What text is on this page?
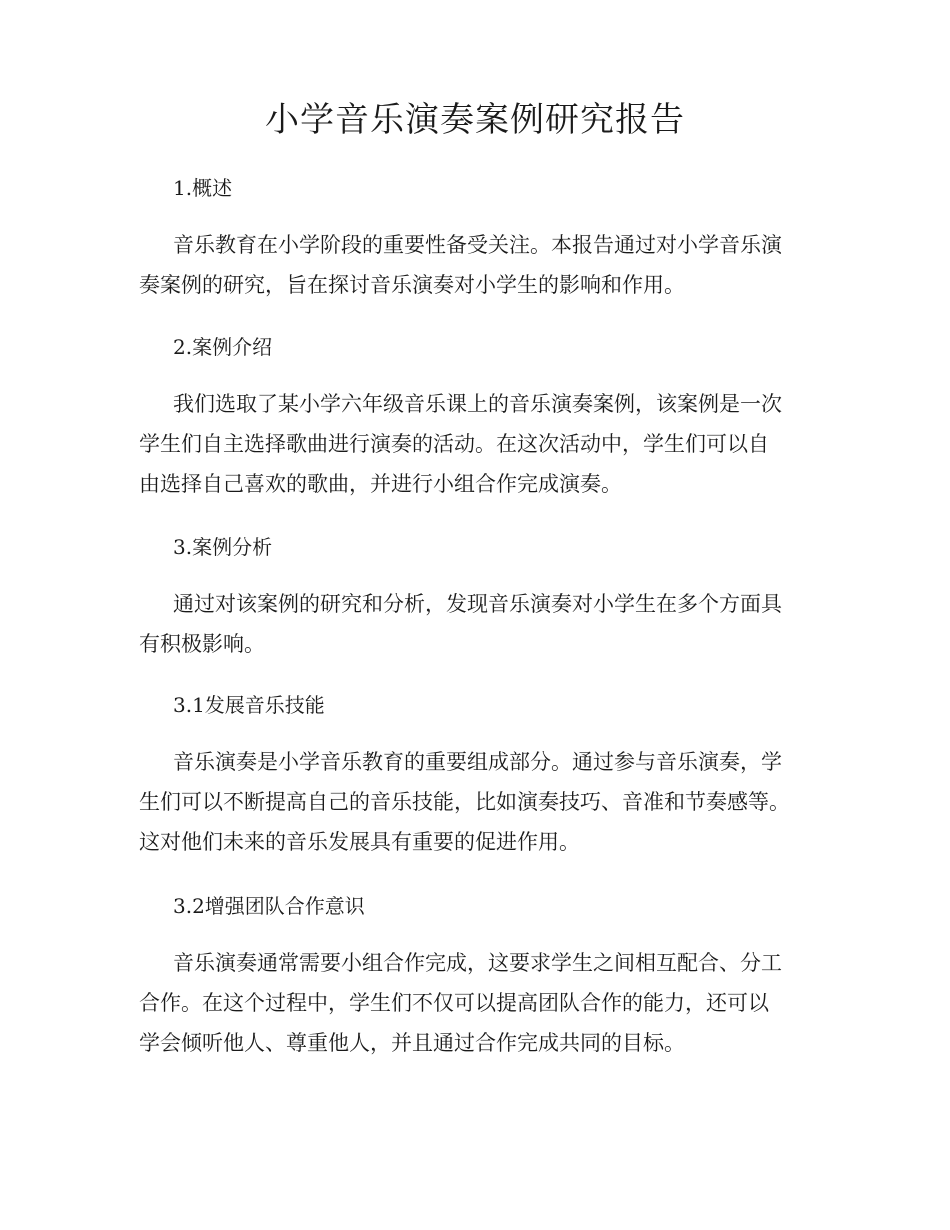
小学音乐演奏案例研究报告
1.概述

音乐教育在小学阶段的重要性备受关注。本报告通过对小学音乐演
奏案例的研究，旨在探讨音乐演奏对小学生的影响和作用。

2.案例介绍

我们选取了某小学六年级音乐课上的音乐演奏案例，该案例是一次
学生们自主选择歌曲进行演奏的活动。在这次活动中，学生们可以自
由选择自己喜欢的歌曲，并进行小组合作完成演奏。

3.案例分析

通过对该案例的研究和分析，发现音乐演奏对小学生在多个方面具
有积极影响。

3.1发展音乐技能

音乐演奏是小学音乐教育的重要组成部分。通过参与音乐演奏，学
生们可以不断提高自己的音乐技能，比如演奏技巧、音准和节奏感等。
这对他们未来的音乐发展具有重要的促进作用。

3.2增强团队合作意识

音乐演奏通常需要小组合作完成，这要求学生之间相互配合、分工
合作。在这个过程中，学生们不仅可以提高团队合作的能力，还可以
学会倾听他人、尊重他人，并且通过合作完成共同的目标。
